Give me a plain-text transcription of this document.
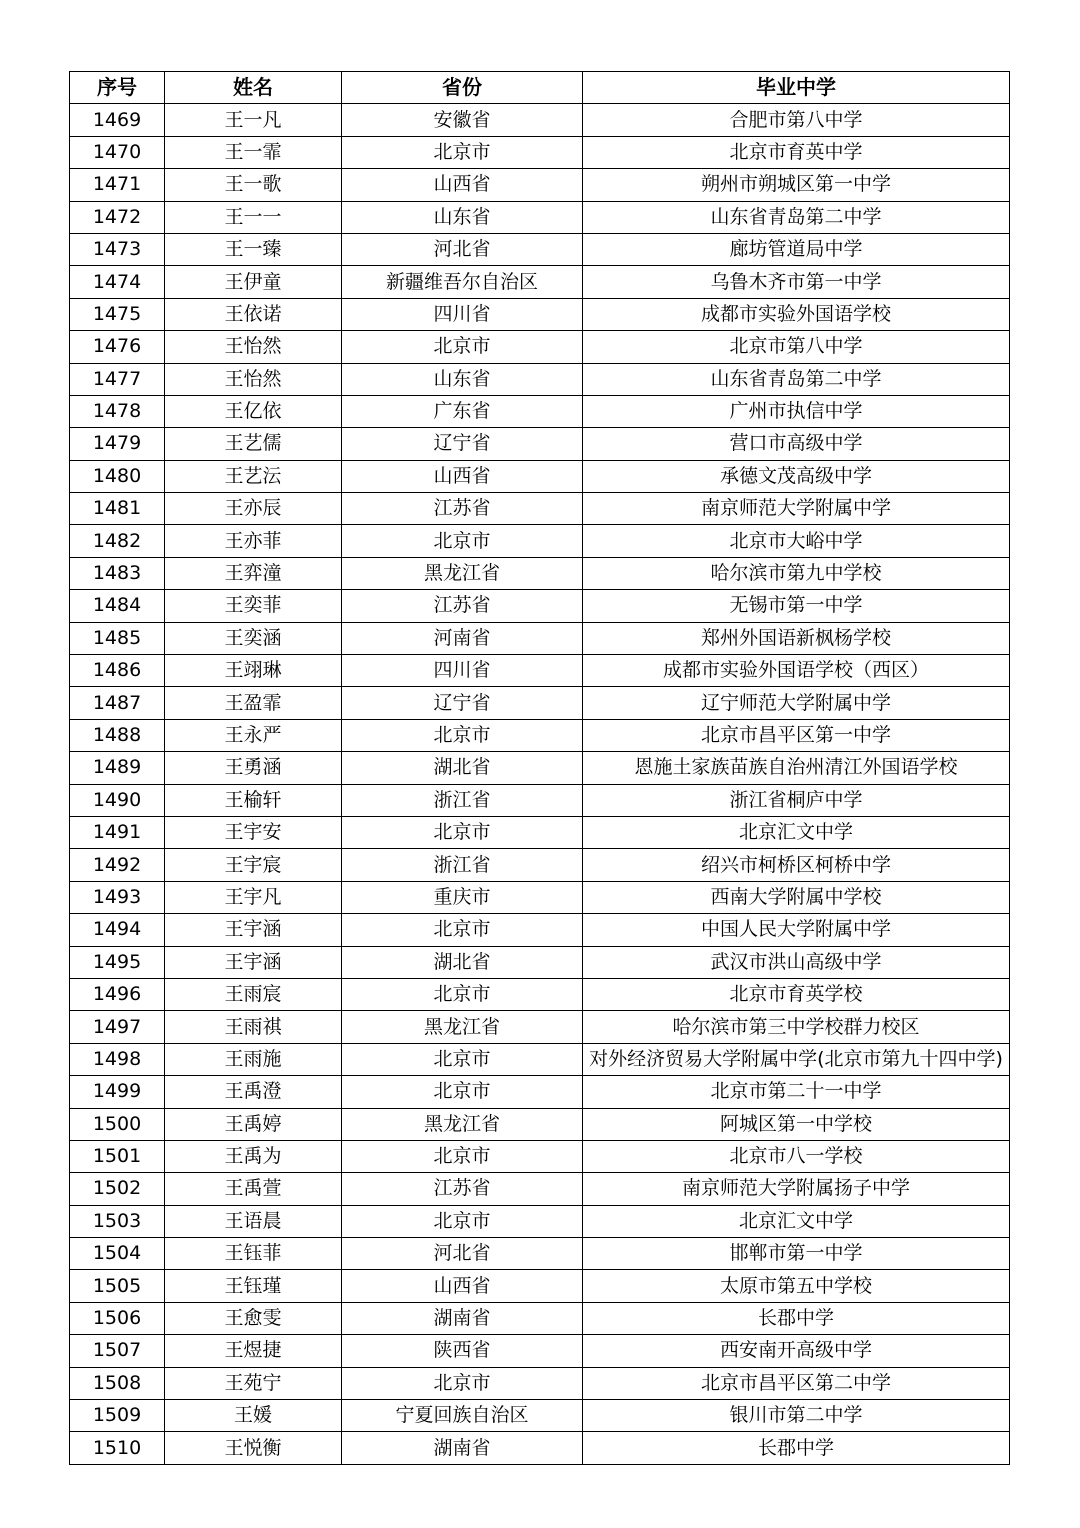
序号	姓名	省份	毕业中学
1469	王一凡	安徽省	合肥市第八中学
1470	王一霏	北京市	北京市育英中学
1471	王一歌	山西省	朔州市朔城区第一中学
1472	王一一	山东省	山东省青岛第二中学
1473	王一臻	河北省	廊坊管道局中学
1474	王伊童	新疆维吾尔自治区	乌鲁木齐市第一中学
1475	王依诺	四川省	成都市实验外国语学校
1476	王怡然	北京市	北京市第八中学
1477	王怡然	山东省	山东省青岛第二中学
1478	王亿依	广东省	广州市执信中学
1479	王艺儒	辽宁省	营口市高级中学
1480	王艺沄	山西省	承德文茂高级中学
1481	王亦辰	江苏省	南京师范大学附属中学
1482	王亦菲	北京市	北京市大峪中学
1483	王弈潼	黑龙江省	哈尔滨市第九中学校
1484	王奕菲	江苏省	无锡市第一中学
1485	王奕涵	河南省	郑州外国语新枫杨学校
1486	王翊琳	四川省	成都市实验外国语学校（西区）
1487	王盈霏	辽宁省	辽宁师范大学附属中学
1488	王永严	北京市	北京市昌平区第一中学
1489	王勇涵	湖北省	恩施土家族苗族自治州清江外国语学校
1490	王榆轩	浙江省	浙江省桐庐中学
1491	王宇安	北京市	北京汇文中学
1492	王宇宸	浙江省	绍兴市柯桥区柯桥中学
1493	王宇凡	重庆市	西南大学附属中学校
1494	王宇涵	北京市	中国人民大学附属中学
1495	王宇涵	湖北省	武汉市洪山高级中学
1496	王雨宸	北京市	北京市育英学校
1497	王雨祺	黑龙江省	哈尔滨市第三中学校群力校区
1498	王雨施	北京市	对外经济贸易大学附属中学(北京市第九十四中学)
1499	王禹澄	北京市	北京市第二十一中学
1500	王禹婷	黑龙江省	阿城区第一中学校
1501	王禹为	北京市	北京市八一学校
1502	王禹萱	江苏省	南京师范大学附属扬子中学
1503	王语晨	北京市	北京汇文中学
1504	王钰菲	河北省	邯郸市第一中学
1505	王钰瑾	山西省	太原市第五中学校
1506	王愈雯	湖南省	长郡中学
1507	王煜捷	陕西省	西安南开高级中学
1508	王苑宁	北京市	北京市昌平区第二中学
1509	王媛	宁夏回族自治区	银川市第二中学
1510	王悦衡	湖南省	长郡中学
